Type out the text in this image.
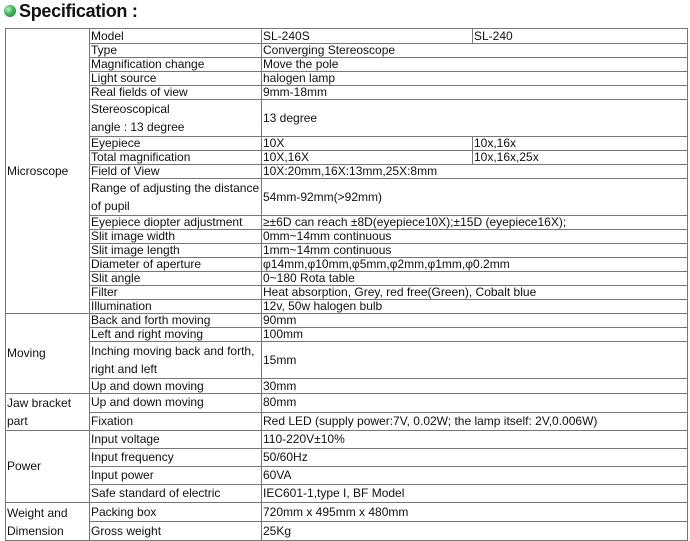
Specification :
Microscope	Model	SL-240S	SL-240
	Type	Converging Stereoscope	
	Magnification change	Move the pole	
	Light source	halogen lamp	
	Real fields of view	9mm-18mm	

	Stereoscopical
angle : 13 degree	13 degree	
	Eyepiece	10X	10x,16x
	Total magnification	10X,16X	10x,16x,25x
	Field of View	10X:20mm,16X:13mm,25X:8mm	

	Range of adjusting the distance
of pupil	54mm-92mm(>92mm)	
	Eyepiece diopter adjustment	≥±6D can reach ±8D(eyepiece10X);±15D (eyepiece16X);	
	Slit image width	0mm~14mm continuous	
	Slit image length	1mm~14mm continuous	
	Diameter of aperture	φ14mm,φ10mm,φ5mm,φ2mm,φ1mm,φ0.2mm	
	Slit angle	0~180 Rota table	
	Filter	Heat absorption, Grey, red free(Green), Cobalt blue	
	Illumination	12v, 50w halogen bulb	
Moving	Back and forth moving	90mm	
	Left and right moving	100mm	

	Inching moving back and forth,
right and left	15mm	
	Up and down moving	30mm	

Jaw bracket
part	Up and down moving	80mm	
	Fixation	Red LED (supply power:7V, 0.02W; the lamp itself: 2V,0.006W)	
Power	Input voltage	110-220V±10%	
	Input frequency	50/60Hz	
	Input power	60VA	
	Safe standard of electric	IEC601-1,type I, BF Model	

Weight and
Dimension	Packing box	720mm x 495mm x 480mm	
	Gross weight	25Kg	
